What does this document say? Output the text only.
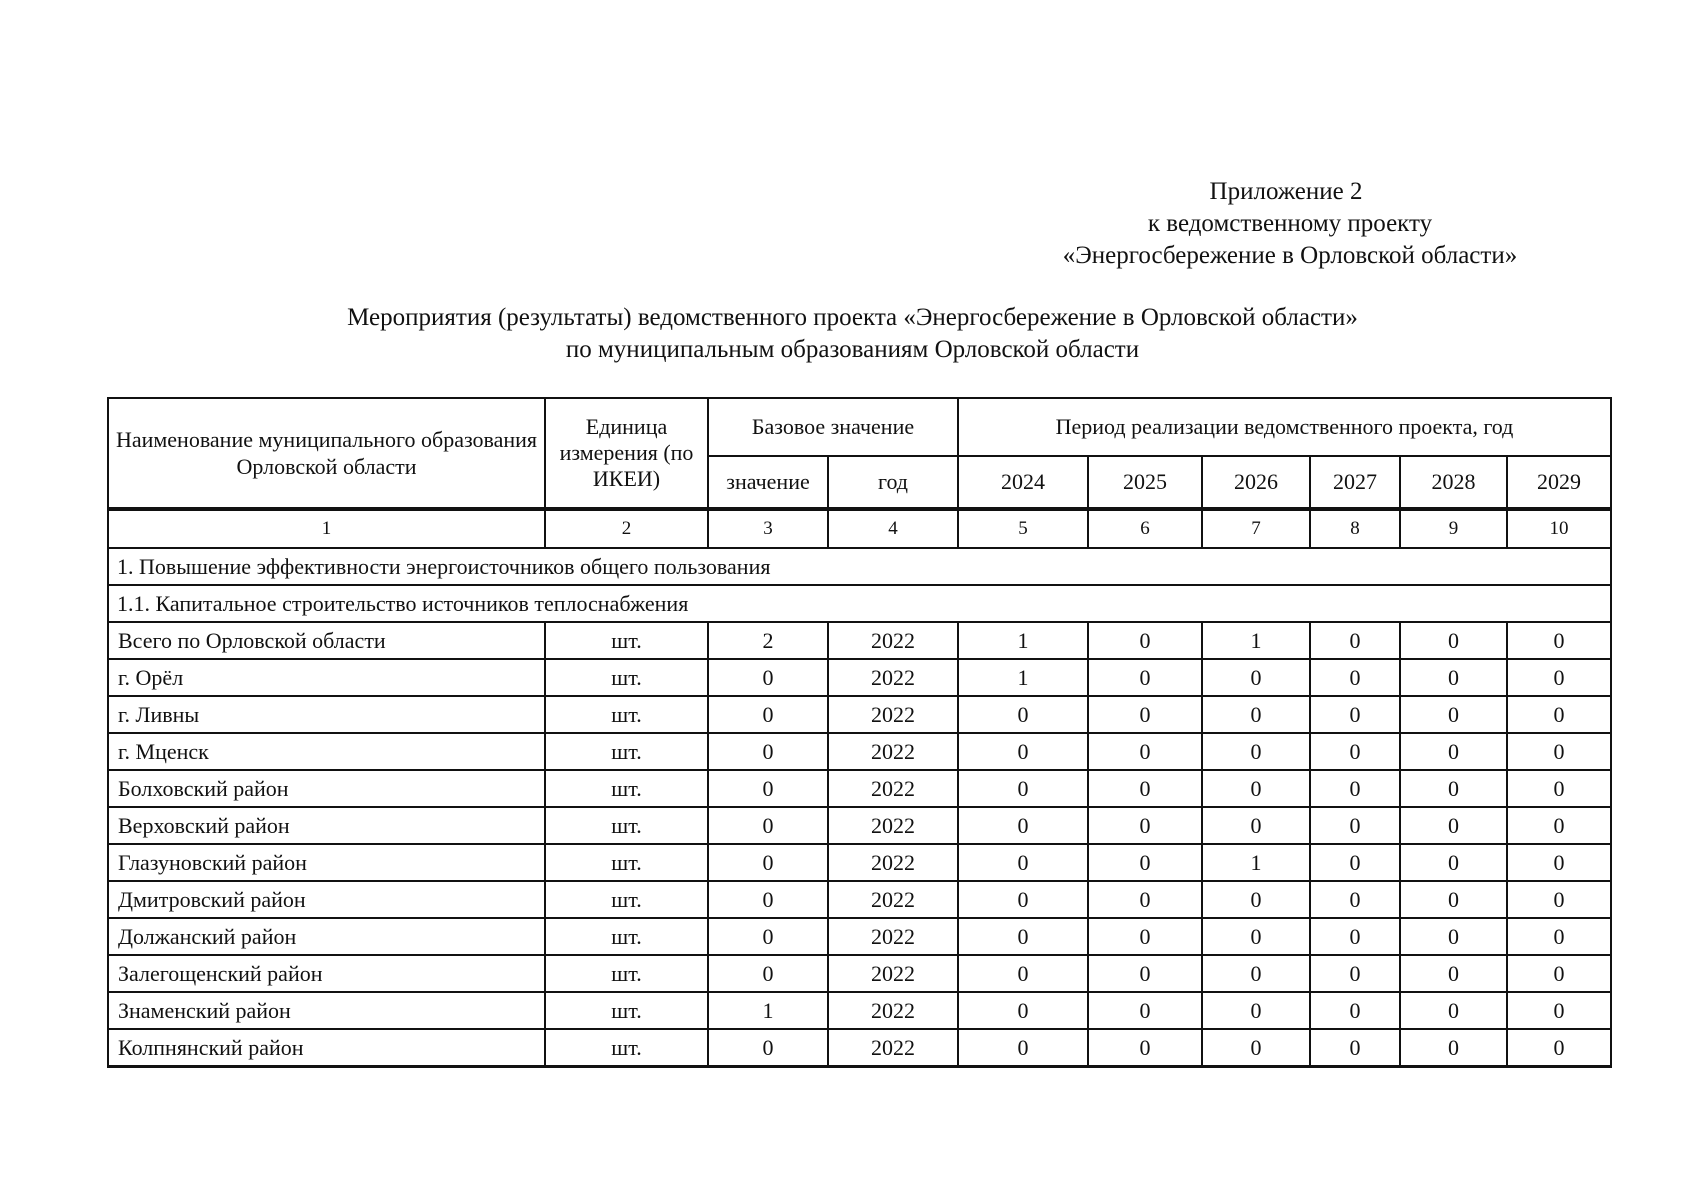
Приложение 2
к ведомственному проекту
«Энергосбережение в Орловской области»
Мероприятия (результаты) ведомственного проекта «Энергосбережение в Орловской области»
по муниципальным образованиям Орловской области
Наименование муниципального образования Орловской области	Единица измерения (по ИКЕИ)	Базовое значение		Период реализации ведомственного проекта, год					
		значение	год	2024	2025	2026	2027	2028	2029
1	2	3	4	5	6	7	8	9	10
1. Повышение эффективности энергоисточников общего пользования									
1.1. Капитальное строительство источников теплоснабжения									
Всего по Орловской области	шт.	2	2022	1	0	1	0	0	0
г. Орёл	шт.	0	2022	1	0	0	0	0	0
г. Ливны	шт.	0	2022	0	0	0	0	0	0
г. Мценск	шт.	0	2022	0	0	0	0	0	0
Болховский район	шт.	0	2022	0	0	0	0	0	0
Верховский район	шт.	0	2022	0	0	0	0	0	0
Глазуновский район	шт.	0	2022	0	0	1	0	0	0
Дмитровский район	шт.	0	2022	0	0	0	0	0	0
Должанский район	шт.	0	2022	0	0	0	0	0	0
Залегощенский район	шт.	0	2022	0	0	0	0	0	0
Знаменский район	шт.	1	2022	0	0	0	0	0	0
Колпнянский район	шт.	0	2022	0	0	0	0	0	0
